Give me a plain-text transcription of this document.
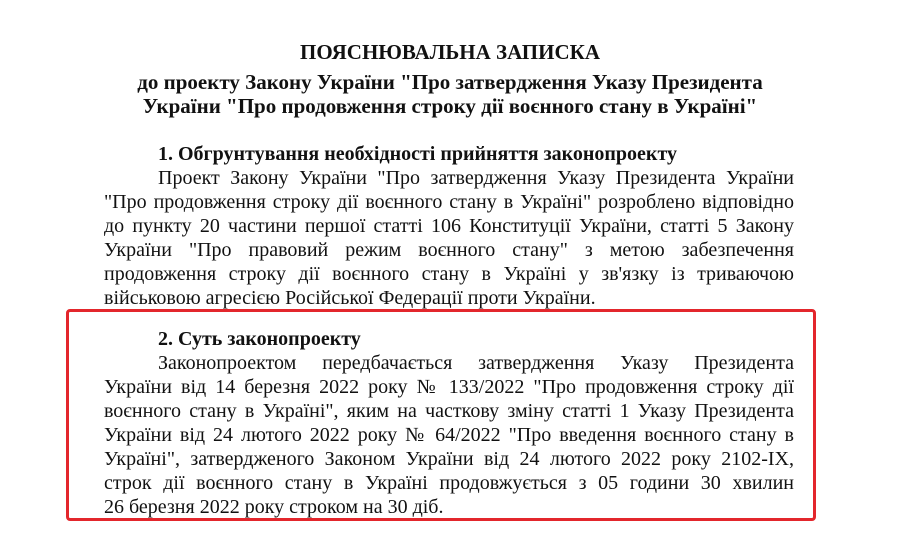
ПОЯСНЮВАЛЬНА ЗАПИСКА
до проекту Закону України "Про затвердження Указу Президента
України "Про продовження строку дії воєнного стану в Україні"
1. Обгрунтування необхідності прийняття законопроекту
Проект Закону України "Про затвердження Указу Президента України
"Про продовження строку дії воєнного стану в Україні" розроблено відповідно
до пункту 20 частини першої статті 106 Конституції України, статті 5 Закону
України "Про правовий режим воєнного стану" з метою забезпечення
продовження строку дії воєнного стану в Україні у зв'язку із триваючою
військовою агресією Російської Федерації проти України.
2. Суть законопроекту
Законопроектом передбачається затвердження Указу Президента
України від 14 березня 2022 року № 133/2022 "Про продовження строку дії
воєнного стану в Україні", яким на часткову зміну статті 1 Указу Президента
України від 24 лютого 2022 року № 64/2022 "Про введення воєнного стану в
Україні", затвердженого Законом України від 24 лютого 2022 року 2102-IX,
строк дії воєнного стану в Україні продовжується з 05 години 30 хвилин
26 березня 2022 року строком на 30 діб.
